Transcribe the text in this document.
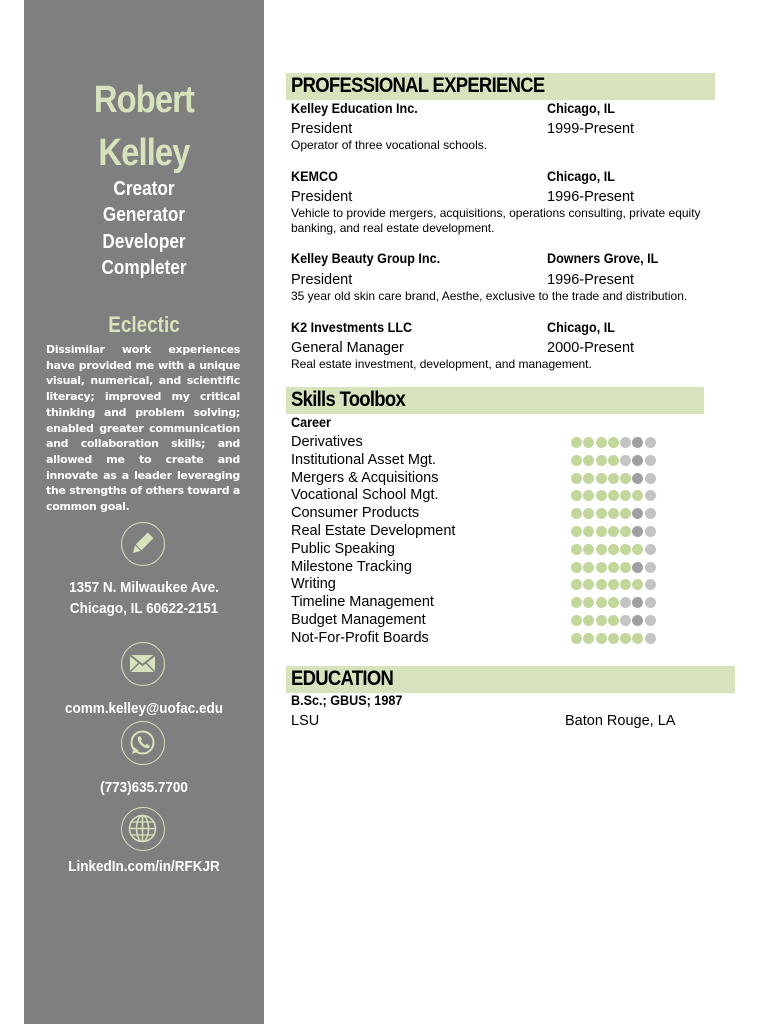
Robert
Kelley
Creator
Generator
Developer
Completer
Eclectic
Dissimilar work experiences have provided me with a unique visual, numerical, and scientific literacy; improved my critical thinking and problem solving; enabled greater communication and collaboration skills; and allowed me to create and innovate as a leader leveraging the strengths of others toward a common goal.
1357 N. Milwaukee Ave.
Chicago, IL 60622-2151
comm.kelley@uofac.edu
(773)635.7700
LinkedIn.com/in/RFKJR
PROFESSIONAL EXPERIENCE
Kelley Education Inc.	Chicago, IL
President	1999-Present
Operator of three vocational schools.
KEMCO	Chicago, IL
President	1996-Present
Vehicle to provide mergers, acquisitions, operations consulting, private equity banking, and real estate development.
Kelley Beauty Group Inc.	Downers Grove, IL
President	1996-Present
35 year old skin care brand, Aesthe, exclusive to the trade and distribution.
K2 Investments LLC	Chicago, IL
General Manager	2000-Present
Real estate investment, development, and management.
Skills Toolbox
Career
Derivatives
Institutional Asset Mgt.
Mergers & Acquisitions
Vocational School Mgt.
Consumer Products
Real Estate Development
Public Speaking
Milestone Tracking
Writing
Timeline Management
Budget Management
Not-For-Profit Boards
EDUCATION
B.Sc.; GBUS; 1987
LSU	Baton Rouge, LA
